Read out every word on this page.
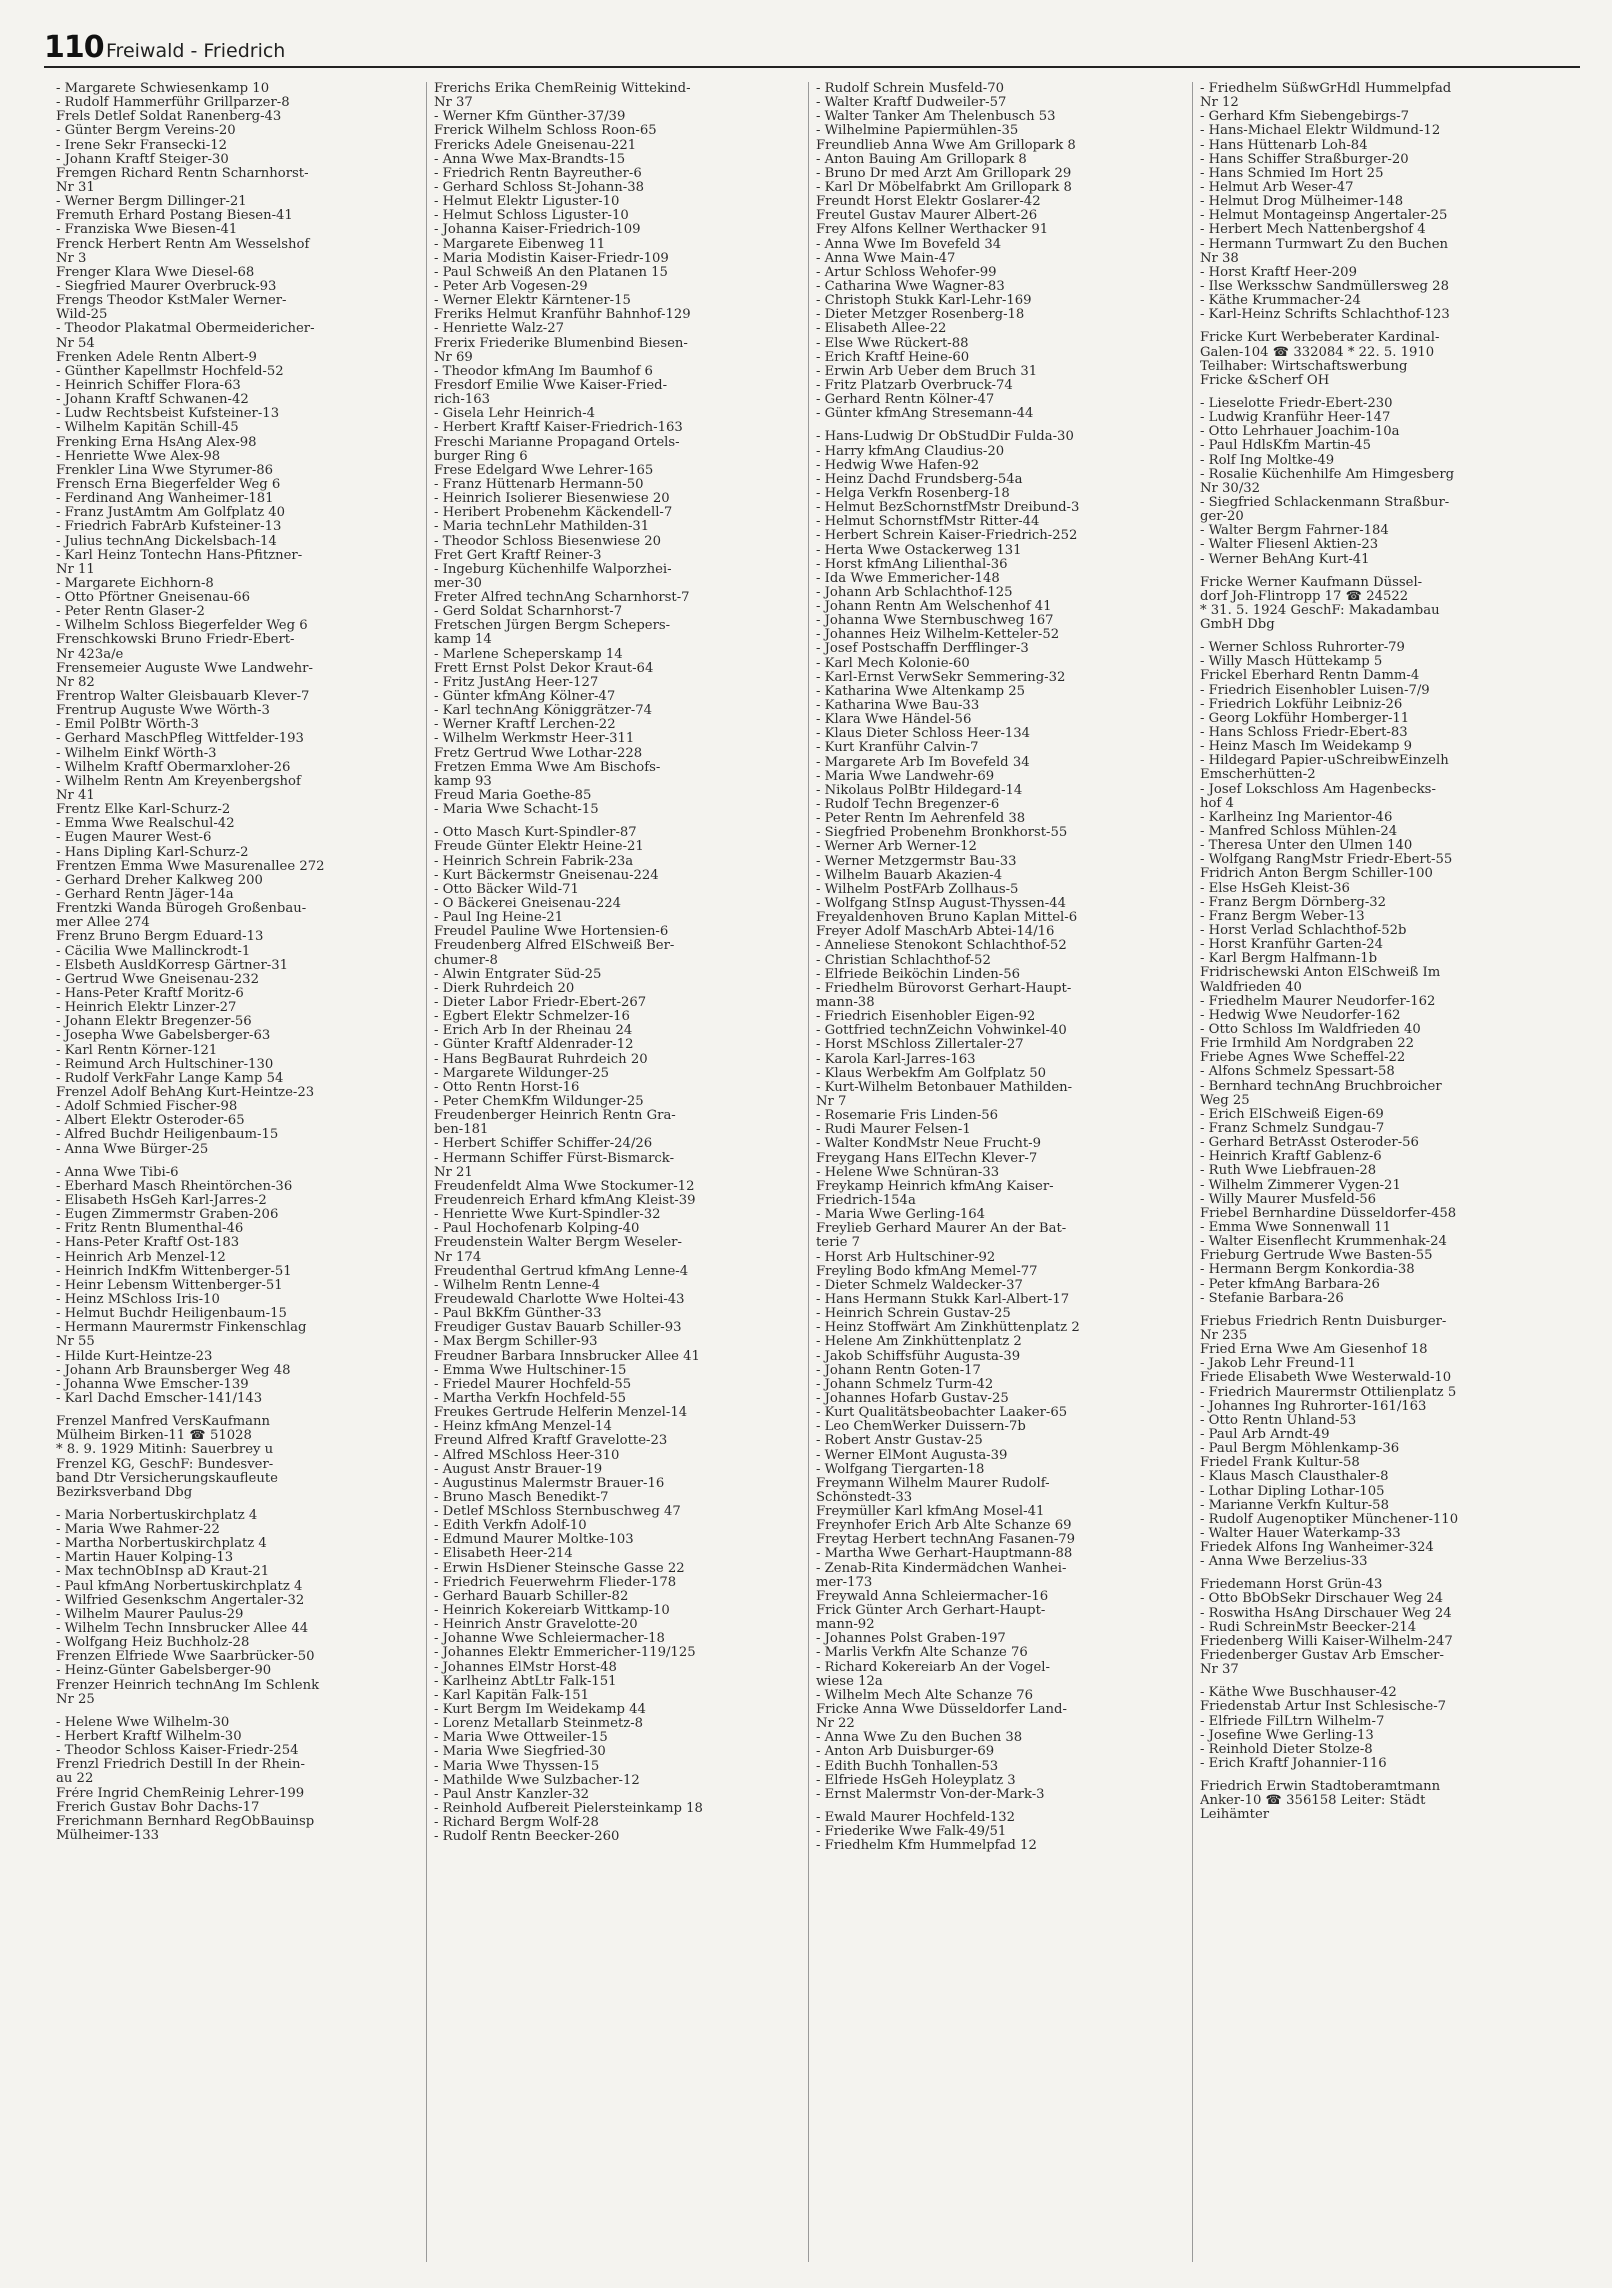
110 Freiwald - Friedrich
- Margarete Schwiesenkamp 10
- Rudolf Hammerführ Grillparzer-8
Frels Detlef Soldat Ranenberg-43
- Günter Bergm Vereins-20
- Irene Sekr Fransecki-12
- Johann Kraftf Steiger-30
Fremgen Richard Rentn Scharnhorst-
Nr 31
- Werner Bergm Dillinger-21
Fremuth Erhard Postang Biesen-41
- Franziska Wwe Biesen-41
Frenck Herbert Rentn Am Wesselshof
Nr 3
Frenger Klara Wwe Diesel-68
- Siegfried Maurer Overbruck-93
Frengs Theodor KstMaler Werner-
Wild-25
- Theodor Plakatmal Obermeidericher-
Nr 54
Frenken Adele Rentn Albert-9
- Günther Kapellmstr Hochfeld-52
- Heinrich Schiffer Flora-63
- Johann Kraftf Schwanen-42
- Ludw Rechtsbeist Kufsteiner-13
- Wilhelm Kapitän Schill-45
Frenking Erna HsAng Alex-98
- Henriette Wwe Alex-98
Frenkler Lina Wwe Styrumer-86
Frensch Erna Biegerfelder Weg 6
- Ferdinand Ang Wanheimer-181
- Franz JustAmtm Am Golfplatz 40
- Friedrich FabrArb Kufsteiner-13
- Julius technAng Dickelsbach-14
- Karl Heinz Tontechn Hans-Pfitzner-
Nr 11
- Margarete Eichhorn-8
- Otto Pförtner Gneisenau-66
- Peter Rentn Glaser-2
- Wilhelm Schloss Biegerfelder Weg 6
Frenschkowski Bruno Friedr-Ebert-
Nr 423a/e
Frensemeier Auguste Wwe Landwehr-
Nr 82
Frentrop Walter Gleisbauarb Klever-7
Frentrup Auguste Wwe Wörth-3
- Emil PolBtr Wörth-3
- Gerhard MaschPfleg Wittfelder-193
- Wilhelm Einkf Wörth-3
- Wilhelm Kraftf Obermarxloher-26
- Wilhelm Rentn Am Kreyenbergshof
Nr 41
Frentz Elke Karl-Schurz-2
- Emma Wwe Realschul-42
- Eugen Maurer West-6
- Hans Dipling Karl-Schurz-2
Frentzen Emma Wwe Masurenallee 272
- Gerhard Dreher Kalkweg 200
- Gerhard Rentn Jäger-14a
Frentzki Wanda Bürogeh Großenbau-
mer Allee 274
Frenz Bruno Bergm Eduard-13
- Cäcilia Wwe Mallinckrodt-1
- Elsbeth AusldKorresp Gärtner-31
- Gertrud Wwe Gneisenau-232
- Hans-Peter Kraftf Moritz-6
- Heinrich Elektr Linzer-27
- Johann Elektr Bregenzer-56
- Josepha Wwe Gabelsberger-63
- Karl Rentn Körner-121
- Reimund Arch Hultschiner-130
- Rudolf VerkFahr Lange Kamp 54
Frenzel Adolf BehAng Kurt-Heintze-23
- Adolf Schmied Fischer-98
- Albert Elektr Osteroder-65
- Alfred Buchdr Heiligenbaum-15
- Anna Wwe Bürger-25
- Anna Wwe Tibi-6
- Eberhard Masch Rheintörchen-36
- Elisabeth HsGeh Karl-Jarres-2
- Eugen Zimmermstr Graben-206
- Fritz Rentn Blumenthal-46
- Hans-Peter Kraftf Ost-183
- Heinrich Arb Menzel-12
- Heinrich IndKfm Wittenberger-51
- Heinr Lebensm Wittenberger-51
- Heinz MSchloss Iris-10
- Helmut Buchdr Heiligenbaum-15
- Hermann Maurermstr Finkenschlag
Nr 55
- Hilde Kurt-Heintze-23
- Johann Arb Braunsberger Weg 48
- Johanna Wwe Emscher-139
- Karl Dachd Emscher-141/143
Frenzel Manfred VersKaufmann
Mülheim Birken-11 ☎ 51028
* 8. 9. 1929 Mitinh: Sauerbrey u
Frenzel KG, GeschF: Bundesver-
band Dtr Versicherungskaufleute
Bezirksverband Dbg
- Maria Norbertuskirchplatz 4
- Maria Wwe Rahmer-22
- Martha Norbertuskirchplatz 4
- Martin Hauer Kolping-13
- Max technObInsp aD Kraut-21
- Paul kfmAng Norbertuskirchplatz 4
- Wilfried Gesenkschm Angertaler-32
- Wilhelm Maurer Paulus-29
- Wilhelm Techn Innsbrucker Allee 44
- Wolfgang Heiz Buchholz-28
Frenzen Elfriede Wwe Saarbrücker-50
- Heinz-Günter Gabelsberger-90
Frenzer Heinrich technAng Im Schlenk
Nr 25
- Helene Wwe Wilhelm-30
- Herbert Kraftf Wilhelm-30
- Theodor Schloss Kaiser-Friedr-254
Frenzl Friedrich Destill In der Rhein-
au 22
Frére Ingrid ChemReinig Lehrer-199
Frerich Gustav Bohr Dachs-17
Frerichmann Bernhard RegObBauinsp
Mülheimer-133
Frerichs Erika ChemReinig Wittekind-
Nr 37
- Werner Kfm Günther-37/39
Frerick Wilhelm Schloss Roon-65
Frericks Adele Gneisenau-221
- Anna Wwe Max-Brandts-15
- Friedrich Rentn Bayreuther-6
- Gerhard Schloss St-Johann-38
- Helmut Elektr Liguster-10
- Helmut Schloss Liguster-10
- Johanna Kaiser-Friedrich-109
- Margarete Eibenweg 11
- Maria Modistin Kaiser-Friedr-109
- Paul Schweiß An den Platanen 15
- Peter Arb Vogesen-29
- Werner Elektr Kärntener-15
Freriks Helmut Kranführ Bahnhof-129
- Henriette Walz-27
Frerix Friederike Blumenbind Biesen-
Nr 69
- Theodor kfmAng Im Baumhof 6
Fresdorf Emilie Wwe Kaiser-Fried-
rich-163
- Gisela Lehr Heinrich-4
- Herbert Kraftf Kaiser-Friedrich-163
Freschi Marianne Propagand Ortels-
burger Ring 6
Frese Edelgard Wwe Lehrer-165
- Franz Hüttenarb Hermann-50
- Heinrich Isolierer Biesenwiese 20
- Heribert Probenehm Käckendell-7
- Maria technLehr Mathilden-31
- Theodor Schloss Biesenwiese 20
Fret Gert Kraftf Reiner-3
- Ingeburg Küchenhilfe Walporzhei-
mer-30
Freter Alfred technAng Scharnhorst-7
- Gerd Soldat Scharnhorst-7
Fretschen Jürgen Bergm Schepers-
kamp 14
- Marlene Scheperskamp 14
Frett Ernst Polst Dekor Kraut-64
- Fritz JustAng Heer-127
- Günter kfmAng Kölner-47
- Karl technAng Königgrätzer-74
- Werner Kraftf Lerchen-22
- Wilhelm Werkmstr Heer-311
Fretz Gertrud Wwe Lothar-228
Fretzen Emma Wwe Am Bischofs-
kamp 93
Freud Maria Goethe-85
- Maria Wwe Schacht-15
- Otto Masch Kurt-Spindler-87
Freude Günter Elektr Heine-21
- Heinrich Schrein Fabrik-23a
- Kurt Bäckermstr Gneisenau-224
- Otto Bäcker Wild-71
- O Bäckerei Gneisenau-224
- Paul Ing Heine-21
Freudel Pauline Wwe Hortensien-6
Freudenberg Alfred ElSchweiß Ber-
chumer-8
- Alwin Entgrater Süd-25
- Dierk Ruhrdeich 20
- Dieter Labor Friedr-Ebert-267
- Egbert Elektr Schmelzer-16
- Erich Arb In der Rheinau 24
- Günter Kraftf Aldenrader-12
- Hans BegBaurat Ruhrdeich 20
- Margarete Wildunger-25
- Otto Rentn Horst-16
- Peter ChemKfm Wildunger-25
Freudenberger Heinrich Rentn Gra-
ben-181
- Herbert Schiffer Schiffer-24/26
- Hermann Schiffer Fürst-Bismarck-
Nr 21
Freudenfeldt Alma Wwe Stockumer-12
Freudenreich Erhard kfmAng Kleist-39
- Henriette Wwe Kurt-Spindler-32
- Paul Hochofenarb Kolping-40
Freudenstein Walter Bergm Weseler-
Nr 174
Freudenthal Gertrud kfmAng Lenne-4
- Wilhelm Rentn Lenne-4
Freudewald Charlotte Wwe Holtei-43
- Paul BkKfm Günther-33
Freudiger Gustav Bauarb Schiller-93
- Max Bergm Schiller-93
Freudner Barbara Innsbrucker Allee 41
- Emma Wwe Hultschiner-15
- Friedel Maurer Hochfeld-55
- Martha Verkfn Hochfeld-55
Freukes Gertrude Helferin Menzel-14
- Heinz kfmAng Menzel-14
Freund Alfred Kraftf Gravelotte-23
- Alfred MSchloss Heer-310
- August Anstr Brauer-19
- Augustinus Malermstr Brauer-16
- Bruno Masch Benedikt-7
- Detlef MSchloss Sternbuschweg 47
- Edith Verkfn Adolf-10
- Edmund Maurer Moltke-103
- Elisabeth Heer-214
- Erwin HsDiener Steinsche Gasse 22
- Friedrich Feuerwehrm Flieder-178
- Gerhard Bauarb Schiller-82
- Heinrich Kokereiarb Wittkamp-10
- Heinrich Anstr Gravelotte-20
- Johanne Wwe Schleiermacher-18
- Johannes Elektr Emmericher-119/125
- Johannes ElMstr Horst-48
- Karlheinz AbtLtr Falk-151
- Karl Kapitän Falk-151
- Kurt Bergm Im Weidekamp 44
- Lorenz Metallarb Steinmetz-8
- Maria Wwe Ottweiler-15
- Maria Wwe Siegfried-30
- Maria Wwe Thyssen-15
- Mathilde Wwe Sulzbacher-12
- Paul Anstr Kanzler-32
- Reinhold Aufbereit Pielersteinkamp 18
- Richard Bergm Wolf-28
- Rudolf Rentn Beecker-260
- Rudolf Schrein Musfeld-70
- Walter Kraftf Dudweiler-57
- Walter Tanker Am Thelenbusch 53
- Wilhelmine Papiermühlen-35
Freundlieb Anna Wwe Am Grillopark 8
- Anton Bauing Am Grillopark 8
- Bruno Dr med Arzt Am Grillopark 29
- Karl Dr Möbelfabrkt Am Grillopark 8
Freundt Horst Elektr Goslarer-42
Freutel Gustav Maurer Albert-26
Frey Alfons Kellner Werthacker 91
- Anna Wwe Im Bovefeld 34
- Anna Wwe Main-47
- Artur Schloss Wehofer-99
- Catharina Wwe Wagner-83
- Christoph Stukk Karl-Lehr-169
- Dieter Metzger Rosenberg-18
- Elisabeth Allee-22
- Else Wwe Rückert-88
- Erich Kraftf Heine-60
- Erwin Arb Ueber dem Bruch 31
- Fritz Platzarb Overbruck-74
- Gerhard Rentn Kölner-47
- Günter kfmAng Stresemann-44
- Hans-Ludwig Dr ObStudDir Fulda-30
- Harry kfmAng Claudius-20
- Hedwig Wwe Hafen-92
- Heinz Dachd Frundsberg-54a
- Helga Verkfn Rosenberg-18
- Helmut BezSchornstfMstr Dreibund-3
- Helmut SchornstfMstr Ritter-44
- Herbert Schrein Kaiser-Friedrich-252
- Herta Wwe Ostackerweg 131
- Horst kfmAng Lilienthal-36
- Ida Wwe Emmericher-148
- Johann Arb Schlachthof-125
- Johann Rentn Am Welschenhof 41
- Johanna Wwe Sternbuschweg 167
- Johannes Heiz Wilhelm-Ketteler-52
- Josef Postschaffn Derfflinger-3
- Karl Mech Kolonie-60
- Karl-Ernst VerwSekr Semmering-32
- Katharina Wwe Altenkamp 25
- Katharina Wwe Bau-33
- Klara Wwe Händel-56
- Klaus Dieter Schloss Heer-134
- Kurt Kranführ Calvin-7
- Margarete Arb Im Bovefeld 34
- Maria Wwe Landwehr-69
- Nikolaus PolBtr Hildegard-14
- Rudolf Techn Bregenzer-6
- Peter Rentn Im Aehrenfeld 38
- Siegfried Probenehm Bronkhorst-55
- Werner Arb Werner-12
- Werner Metzgermstr Bau-33
- Wilhelm Bauarb Akazien-4
- Wilhelm PostFArb Zollhaus-5
- Wolfgang StInsp August-Thyssen-44
Freyaldenhoven Bruno Kaplan Mittel-6
Freyer Adolf MaschArb Abtei-14/16
- Anneliese Stenokont Schlachthof-52
- Christian Schlachthof-52
- Elfriede Beiköchin Linden-56
- Friedhelm Bürovorst Gerhart-Haupt-
mann-38
- Friedrich Eisenhobler Eigen-92
- Gottfried technZeichn Vohwinkel-40
- Horst MSchloss Zillertaler-27
- Karola Karl-Jarres-163
- Klaus Werbekfm Am Golfplatz 50
- Kurt-Wilhelm Betonbauer Mathilden-
Nr 7
- Rosemarie Fris Linden-56
- Rudi Maurer Felsen-1
- Walter KondMstr Neue Frucht-9
Freygang Hans ElTechn Klever-7
- Helene Wwe Schnüran-33
Freykamp Heinrich kfmAng Kaiser-
Friedrich-154a
- Maria Wwe Gerling-164
Freylieb Gerhard Maurer An der Bat-
terie 7
- Horst Arb Hultschiner-92
Freyling Bodo kfmAng Memel-77
- Dieter Schmelz Waldecker-37
- Hans Hermann Stukk Karl-Albert-17
- Heinrich Schrein Gustav-25
- Heinz Stoffwärt Am Zinkhüttenplatz 2
- Helene Am Zinkhüttenplatz 2
- Jakob Schiffsführ Augusta-39
- Johann Rentn Goten-17
- Johann Schmelz Turm-42
- Johannes Hofarb Gustav-25
- Kurt Qualitätsbeobachter Laaker-65
- Leo ChemWerker Duissern-7b
- Robert Anstr Gustav-25
- Werner ElMont Augusta-39
- Wolfgang Tiergarten-18
Freymann Wilhelm Maurer Rudolf-
Schönstedt-33
Freymüller Karl kfmAng Mosel-41
Freynhofer Erich Arb Alte Schanze 69
Freytag Herbert technAng Fasanen-79
- Martha Wwe Gerhart-Hauptmann-88
- Zenab-Rita Kindermädchen Wanhei-
mer-173
Freywald Anna Schleiermacher-16
Frick Günter Arch Gerhart-Haupt-
mann-92
- Johannes Polst Graben-197
- Marlis Verkfn Alte Schanze 76
- Richard Kokereiarb An der Vogel-
wiese 12a
- Wilhelm Mech Alte Schanze 76
Fricke Anna Wwe Düsseldorfer Land-
Nr 22
- Anna Wwe Zu den Buchen 38
- Anton Arb Duisburger-69
- Edith Buchh Tonhallen-53
- Elfriede HsGeh Holeyplatz 3
- Ernst Malermstr Von-der-Mark-3
- Ewald Maurer Hochfeld-132
- Friederike Wwe Falk-49/51
- Friedhelm Kfm Hummelpfad 12
- Friedhelm SüßwGrHdl Hummelpfad
Nr 12
- Gerhard Kfm Siebengebirgs-7
- Hans-Michael Elektr Wildmund-12
- Hans Hüttenarb Loh-84
- Hans Schiffer Straßburger-20
- Hans Schmied Im Hort 25
- Helmut Arb Weser-47
- Helmut Drog Mülheimer-148
- Helmut Montageinsp Angertaler-25
- Herbert Mech Nattenbergshof 4
- Hermann Turmwart Zu den Buchen
Nr 38
- Horst Kraftf Heer-209
- Ilse Werksschw Sandmüllersweg 28
- Käthe Krummacher-24
- Karl-Heinz Schrifts Schlachthof-123
Fricke Kurt Werbeberater Kardinal-
Galen-104 ☎ 332084 * 22. 5. 1910
Teilhaber: Wirtschaftswerbung
Fricke &Scherf OH
- Lieselotte Friedr-Ebert-230
- Ludwig Kranführ Heer-147
- Otto Lehrhauer Joachim-10a
- Paul HdlsKfm Martin-45
- Rolf Ing Moltke-49
- Rosalie Küchenhilfe Am Himgesberg
Nr 30/32
- Siegfried Schlackenmann Straßbur-
ger-20
- Walter Bergm Fahrner-184
- Walter Fliesenl Aktien-23
- Werner BehAng Kurt-41
Fricke Werner Kaufmann Düssel-
dorf Joh-Flintropp 17 ☎ 24522
* 31. 5. 1924 GeschF: Makadambau
GmbH Dbg
- Werner Schloss Ruhrorter-79
- Willy Masch Hüttekamp 5
Frickel Eberhard Rentn Damm-4
- Friedrich Eisenhobler Luisen-7/9
- Friedrich Lokführ Leibniz-26
- Georg Lokführ Homberger-11
- Hans Schloss Friedr-Ebert-83
- Heinz Masch Im Weidekamp 9
- Hildegard Papier-uSchreibwEinzelh
Emscherhütten-2
- Josef Lokschloss Am Hagenbecks-
hof 4
- Karlheinz Ing Marientor-46
- Manfred Schloss Mühlen-24
- Theresa Unter den Ulmen 140
- Wolfgang RangMstr Friedr-Ebert-55
Fridrich Anton Bergm Schiller-100
- Else HsGeh Kleist-36
- Franz Bergm Dörnberg-32
- Franz Bergm Weber-13
- Horst Verlad Schlachthof-52b
- Horst Kranführ Garten-24
- Karl Bergm Halfmann-1b
Fridrischewski Anton ElSchweiß Im
Waldfrieden 40
- Friedhelm Maurer Neudorfer-162
- Hedwig Wwe Neudorfer-162
- Otto Schloss Im Waldfrieden 40
Frie Irmhild Am Nordgraben 22
Friebe Agnes Wwe Scheffel-22
- Alfons Schmelz Spessart-58
- Bernhard technAng Bruchbroicher
Weg 25
- Erich ElSchweiß Eigen-69
- Franz Schmelz Sundgau-7
- Gerhard BetrAsst Osteroder-56
- Heinrich Kraftf Gablenz-6
- Ruth Wwe Liebfrauen-28
- Wilhelm Zimmerer Vygen-21
- Willy Maurer Musfeld-56
Friebel Bernhardine Düsseldorfer-458
- Emma Wwe Sonnenwall 11
- Walter Eisenflecht Krummenhak-24
Frieburg Gertrude Wwe Basten-55
- Hermann Bergm Konkordia-38
- Peter kfmAng Barbara-26
- Stefanie Barbara-26
Friebus Friedrich Rentn Duisburger-
Nr 235
Fried Erna Wwe Am Giesenhof 18
- Jakob Lehr Freund-11
Friede Elisabeth Wwe Westerwald-10
- Friedrich Maurermstr Ottilienplatz 5
- Johannes Ing Ruhrorter-161/163
- Otto Rentn Uhland-53
- Paul Arb Arndt-49
- Paul Bergm Möhlenkamp-36
Friedel Frank Kultur-58
- Klaus Masch Clausthaler-8
- Lothar Dipling Lothar-105
- Marianne Verkfn Kultur-58
- Rudolf Augenoptiker Münchener-110
- Walter Hauer Waterkamp-33
Friedek Alfons Ing Wanheimer-324
- Anna Wwe Berzelius-33
Friedemann Horst Grün-43
- Otto BbObSekr Dirschauer Weg 24
- Roswitha HsAng Dirschauer Weg 24
- Rudi SchreinMstr Beecker-214
Friedenberg Willi Kaiser-Wilhelm-247
Friedenberger Gustav Arb Emscher-
Nr 37
- Käthe Wwe Buschhauser-42
Friedenstab Artur Inst Schlesische-7
- Elfriede FilLtrn Wilhelm-7
- Josefine Wwe Gerling-13
- Reinhold Dieter Stolze-8
- Erich Kraftf Johannier-116
Friedrich Erwin Stadtoberamtmann
Anker-10 ☎ 356158 Leiter: Städt
Leihämter
